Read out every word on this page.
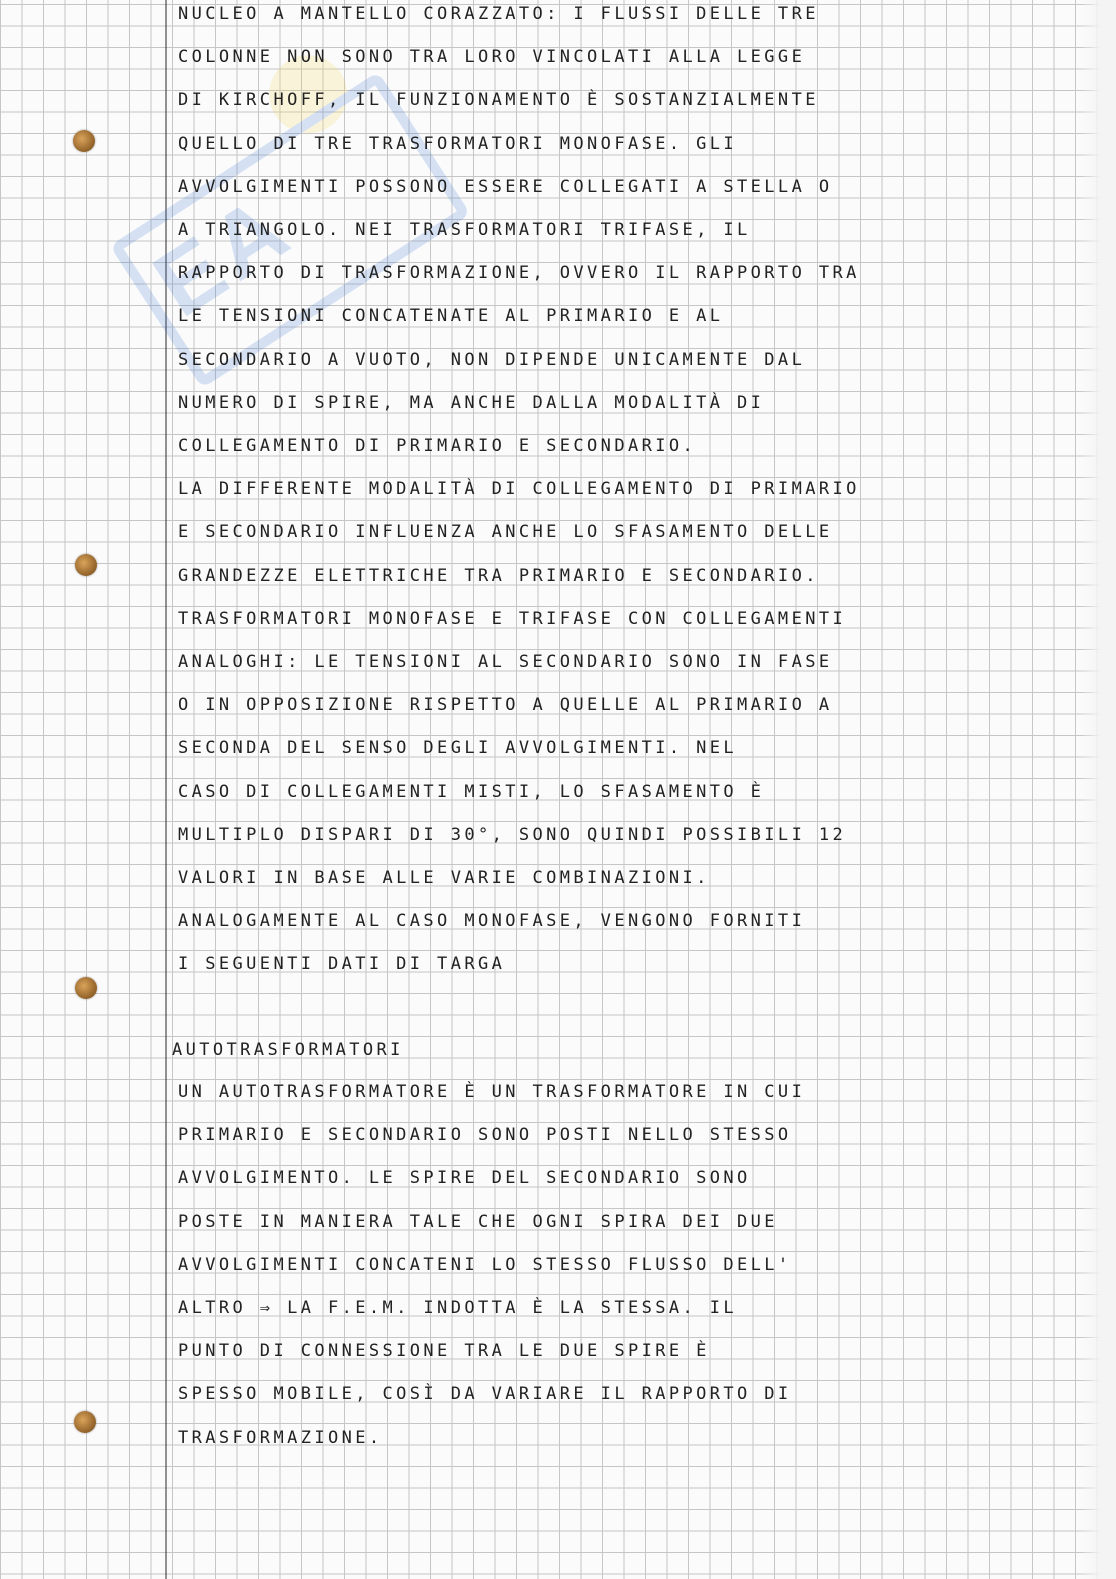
EA
NUCLEO A MANTELLO CORAZZATO: I FLUSSI DELLE TRE
COLONNE NON SONO TRA LORO VINCOLATI ALLA LEGGE
DI KIRCHOFF, IL FUNZIONAMENTO È SOSTANZIALMENTE
QUELLO DI TRE TRASFORMATORI MONOFASE. GLI
AVVOLGIMENTI POSSONO ESSERE COLLEGATI A STELLA O
A TRIANGOLO. NEI TRASFORMATORI TRIFASE, IL
RAPPORTO DI TRASFORMAZIONE, OVVERO IL RAPPORTO TRA
LE TENSIONI CONCATENATE AL PRIMARIO E AL
SECONDARIO A VUOTO, NON DIPENDE UNICAMENTE DAL
NUMERO DI SPIRE, MA ANCHE DALLA MODALITÀ DI
COLLEGAMENTO DI PRIMARIO E SECONDARIO.
LA DIFFERENTE MODALITÀ DI COLLEGAMENTO DI PRIMARIO
E SECONDARIO INFLUENZA ANCHE LO SFASAMENTO DELLE
GRANDEZZE ELETTRICHE TRA PRIMARIO E SECONDARIO.
TRASFORMATORI MONOFASE E TRIFASE CON COLLEGAMENTI
ANALOGHI: LE TENSIONI AL SECONDARIO SONO IN FASE
O IN OPPOSIZIONE RISPETTO A QUELLE AL PRIMARIO A
SECONDA DEL SENSO DEGLI AVVOLGIMENTI. NEL
CASO DI COLLEGAMENTI MISTI, LO SFASAMENTO È
MULTIPLO DISPARI DI 30°, SONO QUINDI POSSIBILI 12
VALORI IN BASE ALLE VARIE COMBINAZIONI.
ANALOGAMENTE AL CASO MONOFASE, VENGONO FORNITI
I SEGUENTI DATI DI TARGA
AUTOTRASFORMATORI
UN AUTOTRASFORMATORE È UN TRASFORMATORE IN CUI
PRIMARIO E SECONDARIO SONO POSTI NELLO STESSO
AVVOLGIMENTO. LE SPIRE DEL SECONDARIO SONO
POSTE IN MANIERA TALE CHE OGNI SPIRA DEI DUE
AVVOLGIMENTI CONCATENI LO STESSO FLUSSO DELL'
ALTRO ⇒ LA F.E.M. INDOTTA È LA STESSA. IL
PUNTO DI CONNESSIONE TRA LE DUE SPIRE È
SPESSO MOBILE, COSÌ DA VARIARE IL RAPPORTO DI
TRASFORMAZIONE.
